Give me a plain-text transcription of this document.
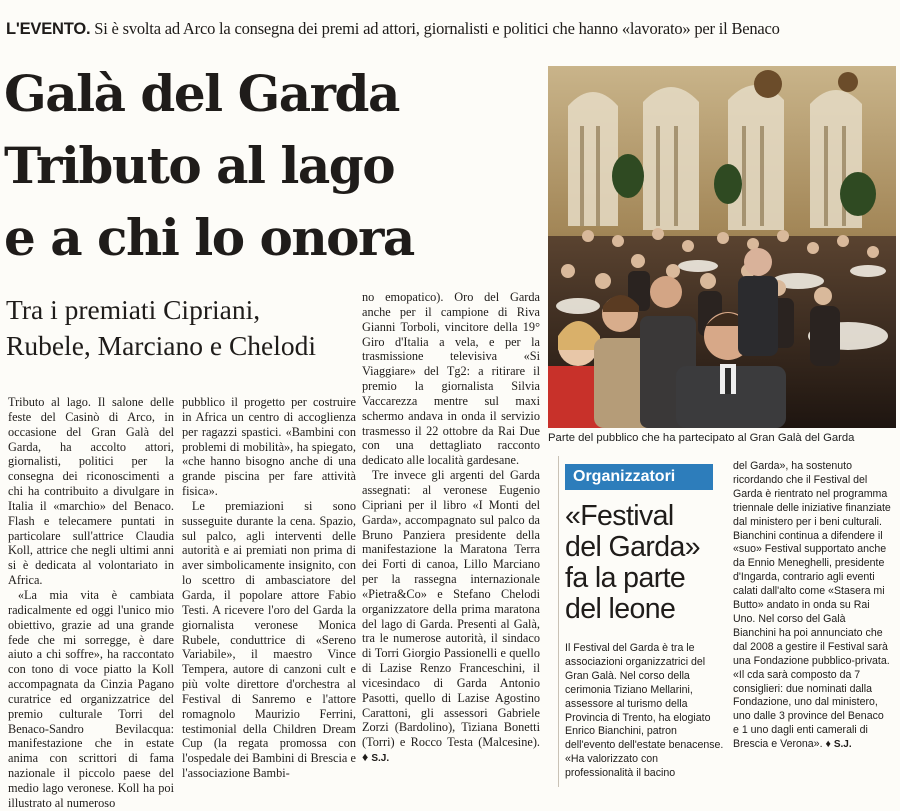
L'EVENTO. Si è svolta ad Arco la consegna dei premi ad attori, giornalisti e politici che hanno «lavorato» per il Benaco
Galà del Garda
Tributo al lago
e a chi lo onora
Tra i premiati Cipriani,
Rubele, Marciano e Chelodi

Tributo al lago. Il salone delle feste del Casinò di Arco, in occasione del Gran Galà del Garda, ha accolto attori, giornalisti, politici per la consegna dei riconoscimenti a chi ha contribuito a divulgare in Italia il «marchio» del Benaco. Flash e telecamere puntati in particolare sull'attrice Claudia Koll, attrice che negli ultimi anni si è dedicata al volontariato in Africa.

«La mia vita è cambiata radicalmente ed oggi l'unico mio obiettivo, grazie ad una grande fede che mi sorregge, è dare aiuto a chi soffre», ha raccontato con tono di voce piatto la Koll accompagnata da Cinzia Pagano curatrice ed organizzatrice del premio culturale Torri del Benaco-Sandro Bevilacqua: manifestazione che in estate anima con scrittori di fama nazionale il piccolo paese del medio lago veronese. Koll ha poi illustrato al numeroso

pubblico il progetto per costruire in Africa un centro di accoglienza per ragazzi spastici. «Bambini con problemi di mobilità», ha spiegato, «che hanno bisogno anche di una grande piscina per fare attività fisica».

Le premiazioni si sono susseguite durante la cena. Spazio, sul palco, agli interventi delle autorità e ai premiati non prima di aver simbolicamente insignito, con lo scettro di ambasciatore del Garda, il popolare attore Fabio Testi. A ricevere l'oro del Garda la giornalista veronese Monica Rubele, conduttrice di «Sereno Variabile», il maestro Vince Tempera, autore di canzoni cult e più volte direttore d'orchestra al Festival di Sanremo e l'attore romagnolo Maurizio Ferrini, testimonial della Children Dream Cup (la regata promossa con l'ospedale dei Bambini di Brescia e l'associazione Bambi-

no emopatico). Oro del Garda anche per il campione di Riva Gianni Torboli, vincitore della 19° Giro d'Italia a vela, e per la trasmissione televisiva «Si Viaggiare» del Tg2: a ritirare il premio la giornalista Silvia Vaccarezza mentre sul maxi schermo andava in onda il servizio trasmesso il 22 ottobre da Rai Due con una dettagliato racconto dedicato alle località gardesane.

Tre invece gli argenti del Garda assegnati: al veronese Eugenio Cipriani per il libro «I Monti del Garda», accompagnato sul palco da Bruno Panziera presidente della manifestazione la Maratona Terra dei Forti di canoa, Lillo Marciano per la rassegna internazionale «Pietra&Co» e Stefano Chelodi organizzatore della prima maratona del lago di Garda. Presenti al Galà, tra le numerose autorità, il sindaco di Torri Giorgio Passionelli e quello di Lazise Renzo Franceschini, il vicesindaco di Garda Antonio Pasotti, quello di Lazise Agostino Carattoni, gli assessori Gabriele Zorzi (Bardolino), Tiziana Bonetti (Torri) e Rocco Testa (Malcesine). ♦ S.J.

Parte del pubblico che ha partecipato al Gran Galà del Garda
Organizzatori
«Festival
del Garda»
fa la parte
del leone

Il Festival del Garda è tra le associazioni organizzatrici del Gran Galà. Nel corso della cerimonia Tiziano Mellarini, assessore al turismo della Provincia di Trento, ha elogiato Enrico Bianchini, patron dell'evento dell'estate benacense. «Ha valorizzato con professionalità il bacino

del Garda», ha sostenuto ricordando che il Festival del Garda è rientrato nel programma triennale delle iniziative finanziate dal ministero per i beni culturali. Bianchini continua a difendere il «suo» Festival supportato anche da Ennio Meneghelli, presidente d'Ingarda, contrario agli eventi calati dall'alto come «Stasera mi Butto» andato in onda su Rai Uno. Nel corso del Galà Bianchini ha poi annunciato che dal 2008 a gestire il Festival sarà una Fondazione pubblico-privata. «Il cda sarà composto da 7 consiglieri: due nominati dalla Fondazione, uno dal ministero, uno dalle 3 province del Benaco e 1 uno dagli enti camerali di Brescia e Verona». ♦ S.J.
